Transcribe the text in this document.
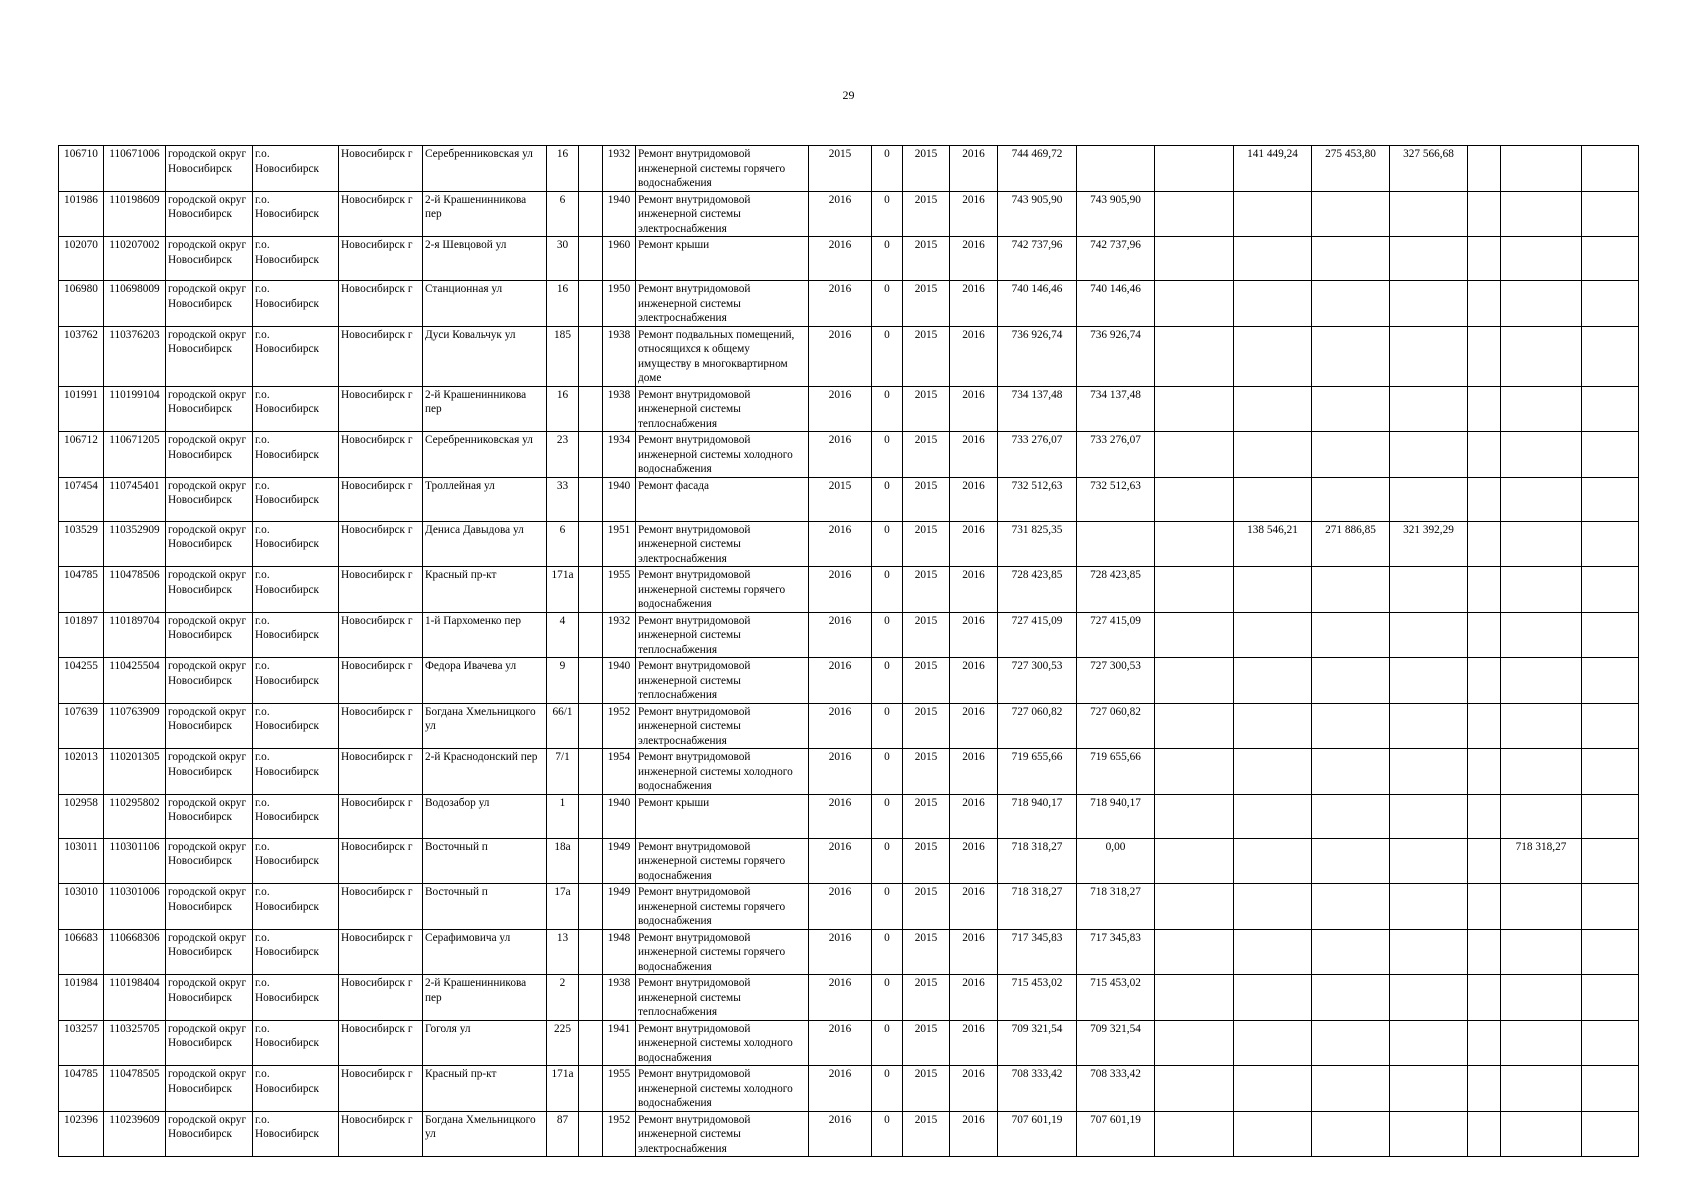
29
106710	110671006	городской округ Новосибирск	г.о. Новосибирск	Новосибирск г	Серебренниковская ул	16		1932	Ремонт внутридомовой инженерной системы горячего водоснабжения	2015	0	2015	2016	744 469,72			141 449,24	275 453,80	327 566,68			
101986	110198609	городской округ Новосибирск	г.о. Новосибирск	Новосибирск г	2-й Крашенинникова пер	6		1940	Ремонт внутридомовой инженерной системы электроснабжения	2016	0	2015	2016	743 905,90	743 905,90							
102070	110207002	городской округ Новосибирск	г.о. Новосибирск	Новосибирск г	2-я Шевцовой ул	30		1960	Ремонт крыши	2016	0	2015	2016	742 737,96	742 737,96							
106980	110698009	городской округ Новосибирск	г.о. Новосибирск	Новосибирск г	Станционная ул	16		1950	Ремонт внутридомовой инженерной системы электроснабжения	2016	0	2015	2016	740 146,46	740 146,46							
103762	110376203	городской округ Новосибирск	г.о. Новосибирск	Новосибирск г	Дуси Ковальчук ул	185		1938	Ремонт подвальных помещений, относящихся к общему имуществу в многоквартирном доме	2016	0	2015	2016	736 926,74	736 926,74							
101991	110199104	городской округ Новосибирск	г.о. Новосибирск	Новосибирск г	2-й Крашенинникова пер	16		1938	Ремонт внутридомовой инженерной системы теплоснабжения	2016	0	2015	2016	734 137,48	734 137,48							
106712	110671205	городской округ Новосибирск	г.о. Новосибирск	Новосибирск г	Серебренниковская ул	23		1934	Ремонт внутридомовой инженерной системы холодного водоснабжения	2016	0	2015	2016	733 276,07	733 276,07							
107454	110745401	городской округ Новосибирск	г.о. Новосибирск	Новосибирск г	Троллейная ул	33		1940	Ремонт фасада	2015	0	2015	2016	732 512,63	732 512,63							
103529	110352909	городской округ Новосибирск	г.о. Новосибирск	Новосибирск г	Дениса Давыдова ул	6		1951	Ремонт внутридомовой инженерной системы электроснабжения	2016	0	2015	2016	731 825,35			138 546,21	271 886,85	321 392,29			
104785	110478506	городской округ Новосибирск	г.о. Новосибирск	Новосибирск г	Красный пр-кт	171а		1955	Ремонт внутридомовой инженерной системы горячего водоснабжения	2016	0	2015	2016	728 423,85	728 423,85							
101897	110189704	городской округ Новосибирск	г.о. Новосибирск	Новосибирск г	1-й Пархоменко пер	4		1932	Ремонт внутридомовой инженерной системы теплоснабжения	2016	0	2015	2016	727 415,09	727 415,09							
104255	110425504	городской округ Новосибирск	г.о. Новосибирск	Новосибирск г	Федора Ивачева ул	9		1940	Ремонт внутридомовой инженерной системы теплоснабжения	2016	0	2015	2016	727 300,53	727 300,53							
107639	110763909	городской округ Новосибирск	г.о. Новосибирск	Новосибирск г	Богдана Хмельницкого ул	66/1		1952	Ремонт внутридомовой инженерной системы электроснабжения	2016	0	2015	2016	727 060,82	727 060,82							
102013	110201305	городской округ Новосибирск	г.о. Новосибирск	Новосибирск г	2-й Краснодонский пер	7/1		1954	Ремонт внутридомовой инженерной системы холодного водоснабжения	2016	0	2015	2016	719 655,66	719 655,66							
102958	110295802	городской округ Новосибирск	г.о. Новосибирск	Новосибирск г	Водозабор ул	1		1940	Ремонт крыши	2016	0	2015	2016	718 940,17	718 940,17							
103011	110301106	городской округ Новосибирск	г.о. Новосибирск	Новосибирск г	Восточный п	18а		1949	Ремонт внутридомовой инженерной системы горячего водоснабжения	2016	0	2015	2016	718 318,27	0,00						718 318,27	
103010	110301006	городской округ Новосибирск	г.о. Новосибирск	Новосибирск г	Восточный п	17а		1949	Ремонт внутридомовой инженерной системы горячего водоснабжения	2016	0	2015	2016	718 318,27	718 318,27							
106683	110668306	городской округ Новосибирск	г.о. Новосибирск	Новосибирск г	Серафимовича ул	13		1948	Ремонт внутридомовой инженерной системы горячего водоснабжения	2016	0	2015	2016	717 345,83	717 345,83							
101984	110198404	городской округ Новосибирск	г.о. Новосибирск	Новосибирск г	2-й Крашенинникова пер	2		1938	Ремонт внутридомовой инженерной системы теплоснабжения	2016	0	2015	2016	715 453,02	715 453,02							
103257	110325705	городской округ Новосибирск	г.о. Новосибирск	Новосибирск г	Гоголя ул	225		1941	Ремонт внутридомовой инженерной системы холодного водоснабжения	2016	0	2015	2016	709 321,54	709 321,54							
104785	110478505	городской округ Новосибирск	г.о. Новосибирск	Новосибирск г	Красный пр-кт	171а		1955	Ремонт внутридомовой инженерной системы холодного водоснабжения	2016	0	2015	2016	708 333,42	708 333,42							
102396	110239609	городской округ Новосибирск	г.о. Новосибирск	Новосибирск г	Богдана Хмельницкого ул	87		1952	Ремонт внутридомовой инженерной системы электроснабжения	2016	0	2015	2016	707 601,19	707 601,19							
